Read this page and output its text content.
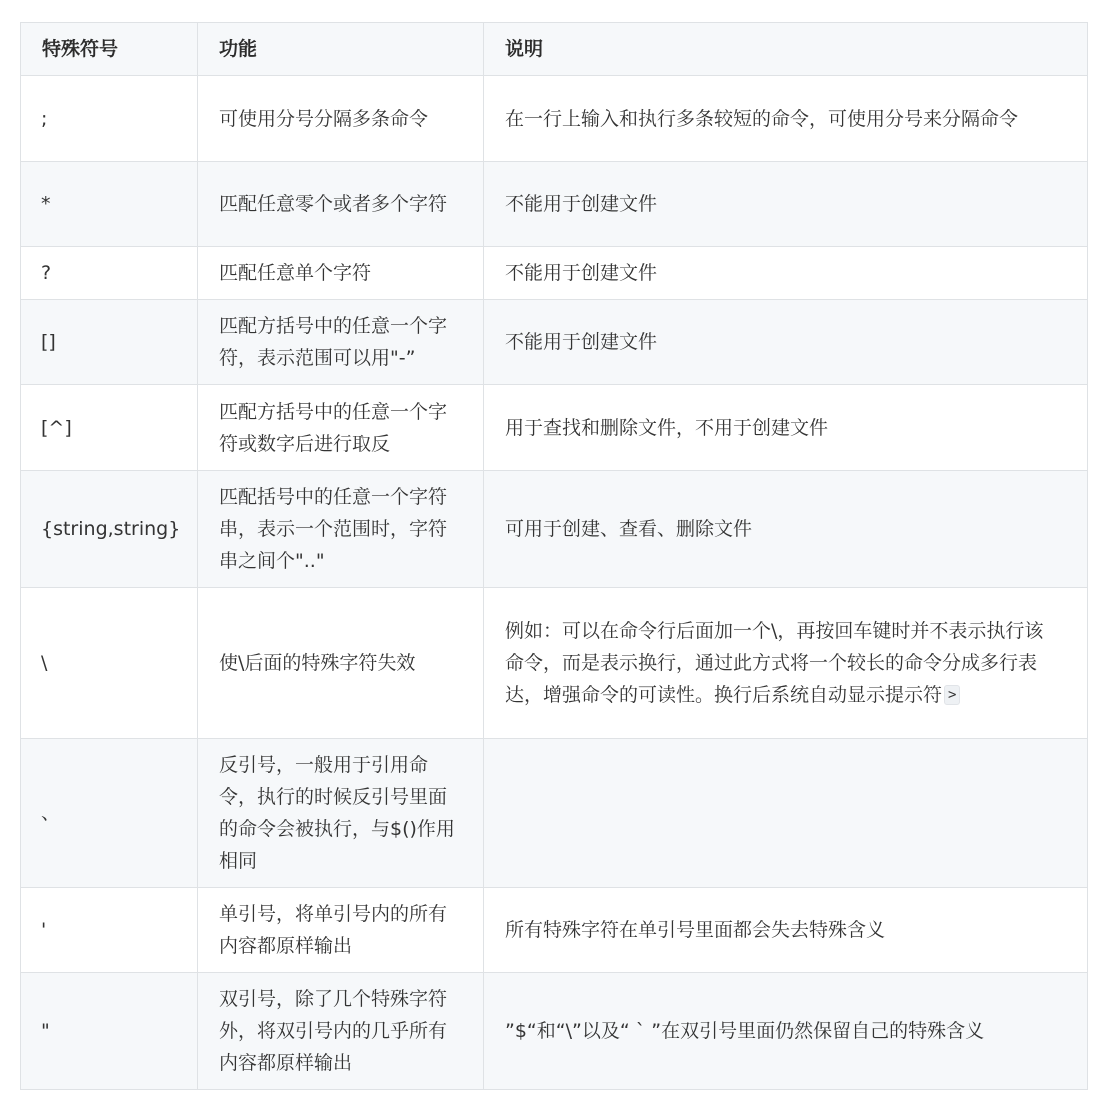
特殊符号	功能	说明
;	可使用分号分隔多条命令	在一行上输入和执行多条较短的命令，可使用分号来分隔命令
*	匹配任意零个或者多个字符	不能用于创建文件
?	匹配任意单个字符	不能用于创建文件
[]	匹配方括号中的任意一个字符，表示范围可以用"-”	不能用于创建文件
[^]	匹配方括号中的任意一个字符或数字后进行取反	用于查找和删除文件，不用于创建文件
{string,string}	匹配括号中的任意一个字符串，表示一个范围时，字符串之间个".."	可用于创建、查看、删除文件
\	使\后面的特殊字符失效	例如：可以在命令行后面加一个\，再按回车键时并不表示执行该命令，而是表示换行，通过此方式将一个较长的命令分成多行表达，增强命令的可读性。换行后系统自动显示提示符 >
、	反引号，一般用于引用命令，执行的时候反引号里面的命令会被执行，与$()作用相同	
'	单引号，将单引号内的所有内容都原样输出	所有特殊字符在单引号里面都会失去特殊含义
"	双引号，除了几个特殊字符外，将双引号内的几乎所有内容都原样输出	”$“和“\”以及“ ` ”在双引号里面仍然保留自己的特殊含义
